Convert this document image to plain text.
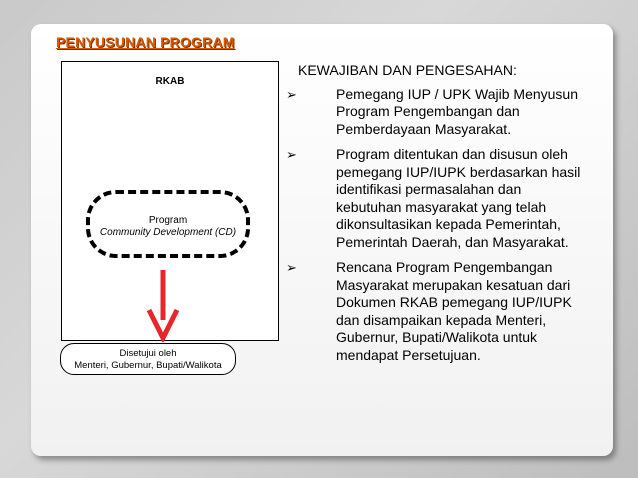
PENYUSUNAN PROGRAM
RKAB
Program
Community Development (CD)
Disetujui oleh
Menteri, Gubernur, Bupati/Walikota
KEWAJIBAN DAN PENGESAHAN:
➢	Pemegang IUP / UPK Wajib Menyusun Program Pengembangan dan Pemberdayaan Masyarakat.
➢	Program ditentukan dan disusun oleh pemegang IUP/IUPK berdasarkan hasil identifikasi permasalahan dan kebutuhan masyarakat yang telah dikonsultasikan kepada Pemerintah, Pemerintah Daerah, dan Masyarakat.
➢	Rencana Program Pengembangan Masyarakat merupakan kesatuan dari Dokumen RKAB pemegang IUP/IUPK dan disampaikan kepada Menteri, Gubernur, Bupati/Walikota untuk mendapat Persetujuan.
